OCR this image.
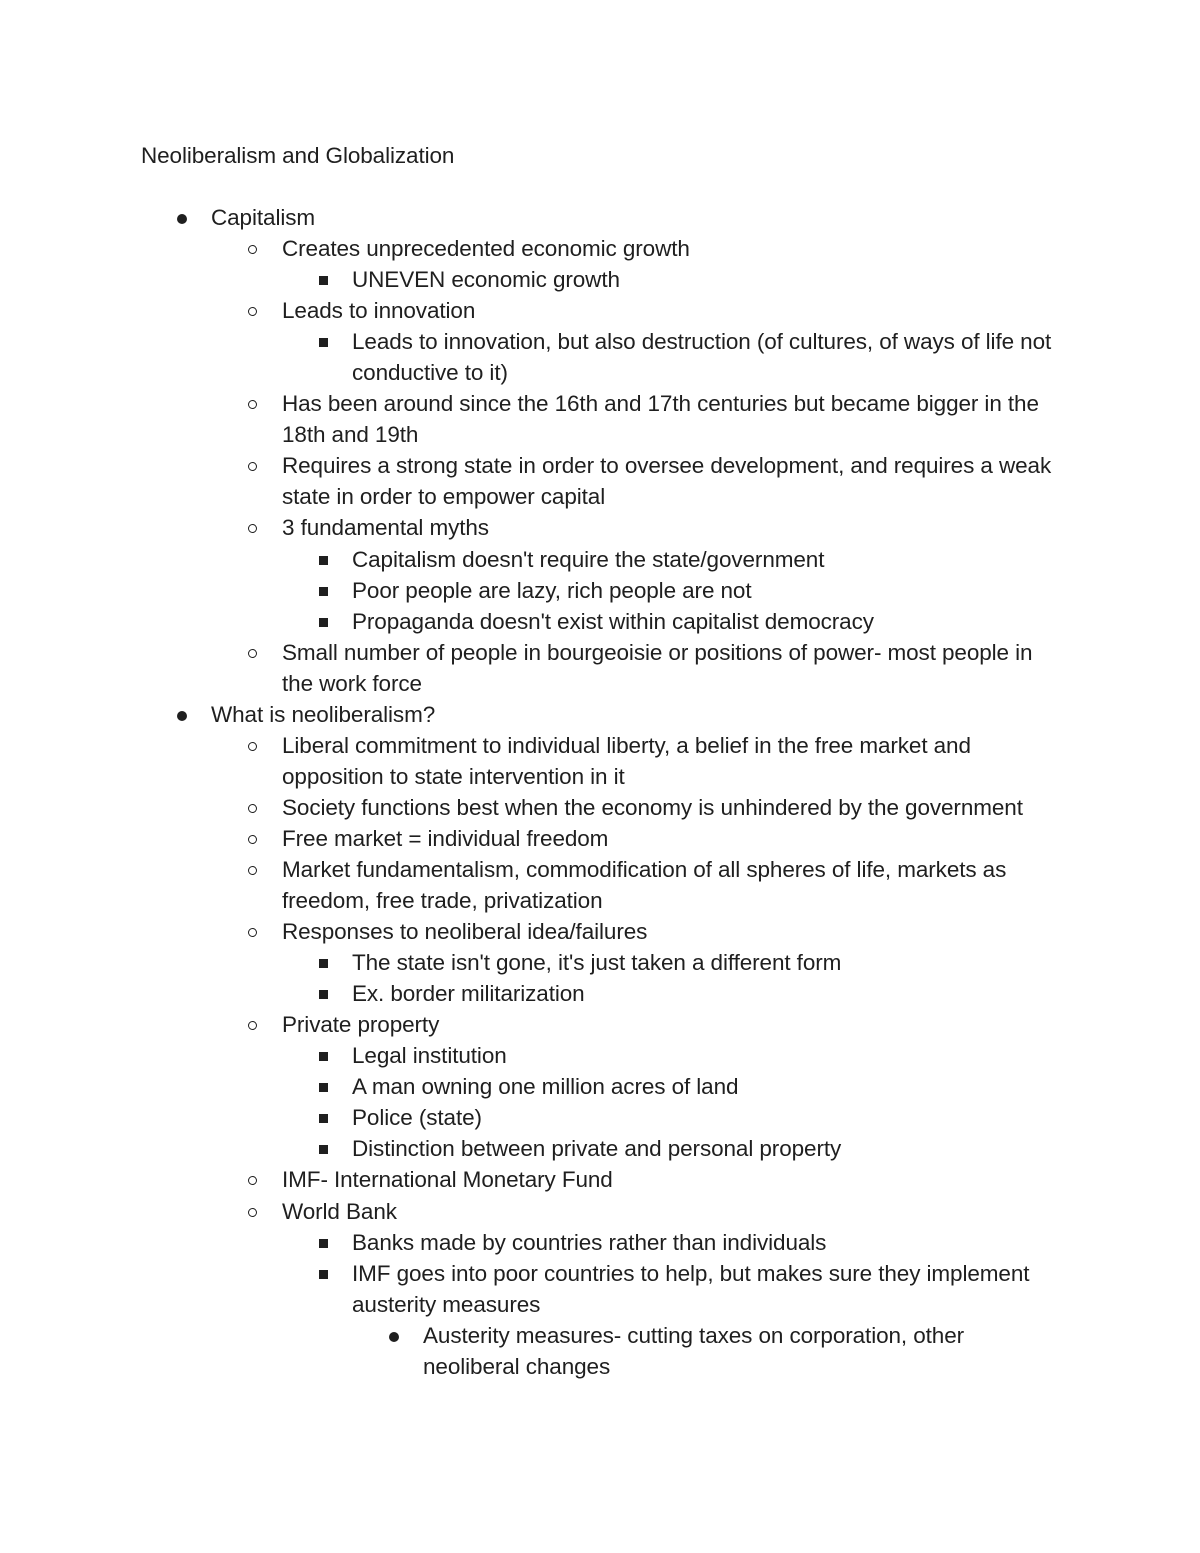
Neoliberalism and Globalization
Capitalism
Creates unprecedented economic growth
UNEVEN economic growth
Leads to innovation
Leads to innovation, but also destruction (of cultures, of ways of life not conductive to it)
Has been around since the 16th and 17th centuries but became bigger in the 18th and 19th
Requires a strong state in order to oversee development, and requires a weak state in order to empower capital
3 fundamental myths
Capitalism doesn't require the state/government
Poor people are lazy, rich people are not
Propaganda doesn't exist within capitalist democracy
Small number of people in bourgeoisie or positions of power- most people in the work force
What is neoliberalism?
Liberal commitment to individual liberty, a belief in the free market and opposition to state intervention in it
Society functions best when the economy is unhindered by the government
Free market = individual freedom
Market fundamentalism, commodification of all spheres of life, markets as freedom, free trade, privatization
Responses to neoliberal idea/failures
The state isn't gone, it's just taken a different form
Ex. border militarization
Private property
Legal institution
A man owning one million acres of land
Police (state)
Distinction between private and personal property
IMF- International Monetary Fund
World Bank
Banks made by countries rather than individuals
IMF goes into poor countries to help, but makes sure they implement austerity measures
Austerity measures- cutting taxes on corporation, other neoliberal changes
